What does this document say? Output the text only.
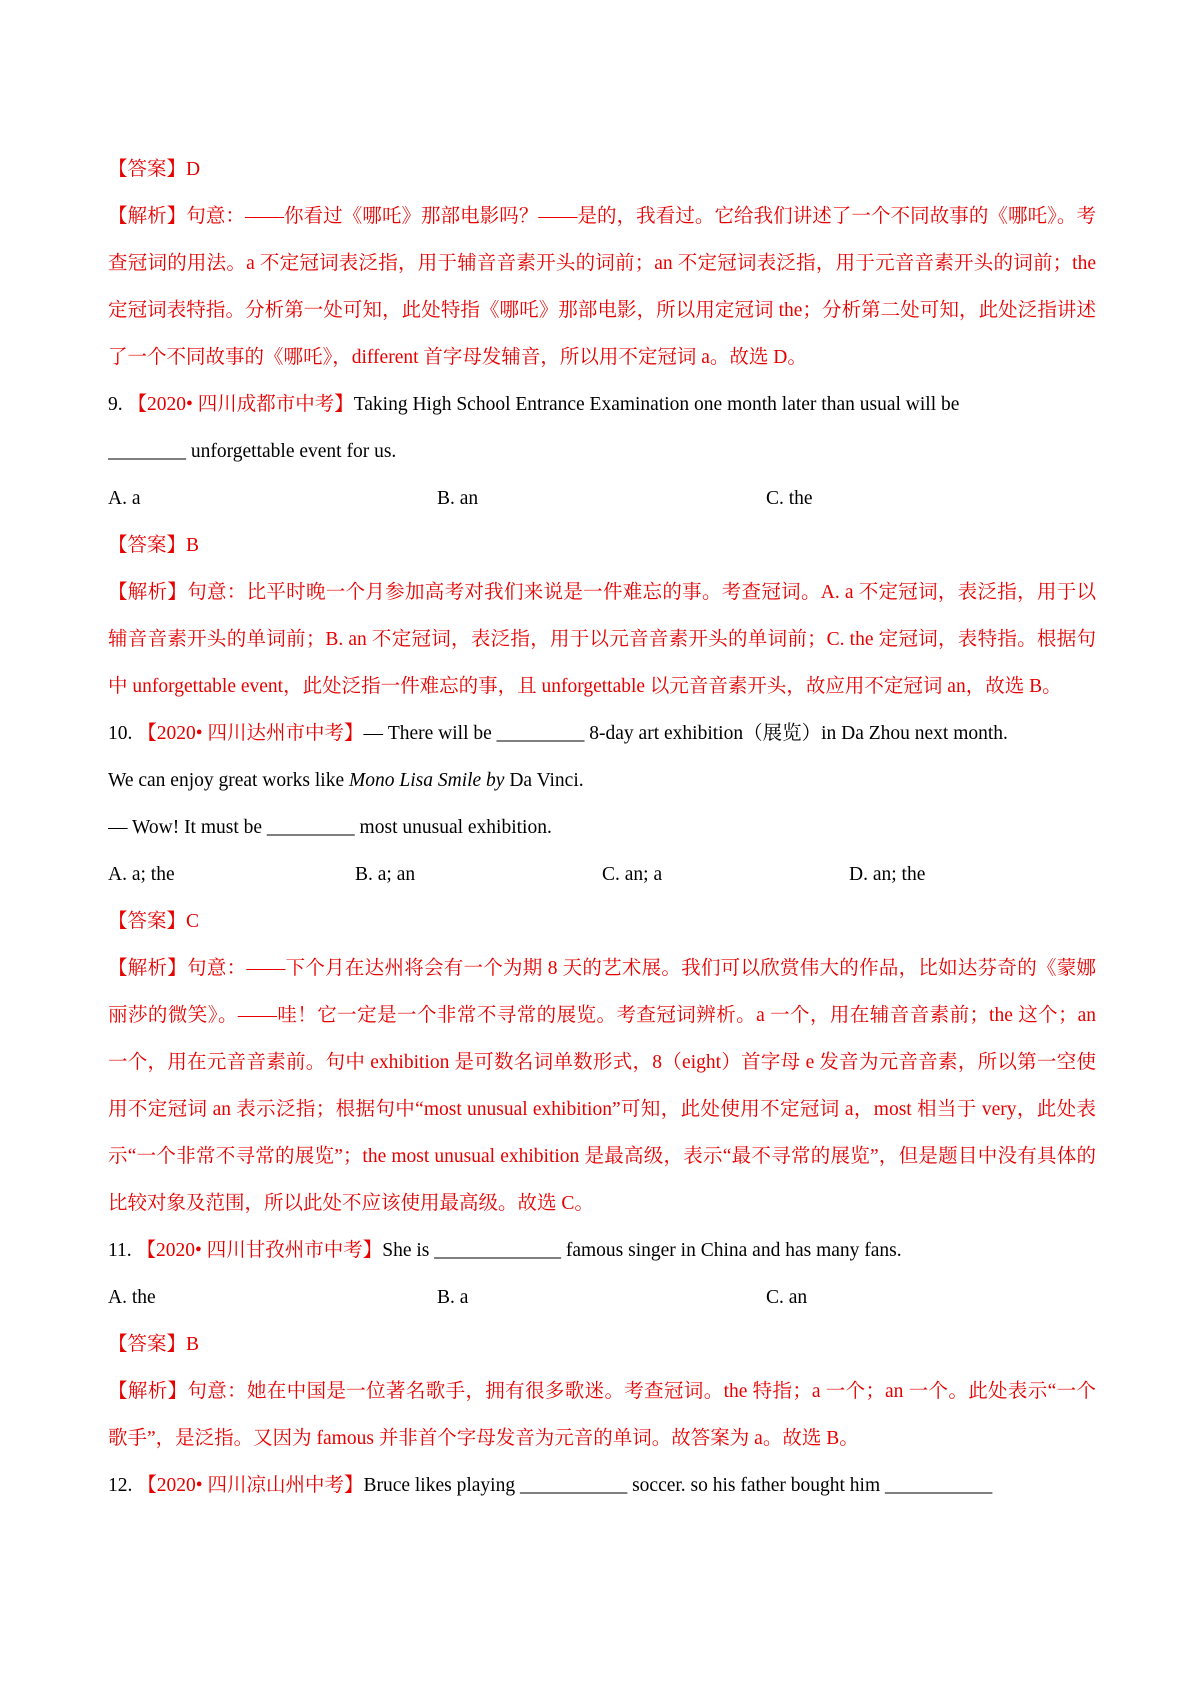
【答案】D

【解析】句意：——你看过《哪吒》那部电影吗？——是的，我看过。它给我们讲述了一个不同故事的《哪吒》。考查冠词的用法。a 不定冠词表泛指，用于辅音音素开头的词前；an 不定冠词表泛指，用于元音音素开头的词前；the 定冠词表特指。分析第一处可知，此处特指《哪吒》那部电影，所以用定冠词 the；分析第二处可知，此处泛指讲述了一个不同故事的《哪吒》，different 首字母发辅音，所以用不定冠词 a。故选 D。

9. 【2020• 四川成都市中考】Taking High School Entrance Examination one month later than usual will be
________ unforgettable event for us.
A. a	B. an	C. the
【答案】B

【解析】句意：比平时晚一个月参加高考对我们来说是一件难忘的事。考查冠词。A. a 不定冠词，表泛指，用于以辅音音素开头的单词前；B. an 不定冠词，表泛指，用于以元音音素开头的单词前；C. the 定冠词，表特指。根据句中 unforgettable event，此处泛指一件难忘的事，且 unforgettable 以元音音素开头，故应用不定冠词 an，故选 B。

10. 【2020• 四川达州市中考】— There will be _________ 8-day art exhibition（展览）in Da Zhou next month.
We can enjoy great works like Mono Lisa Smile by Da Vinci.
— Wow! It must be _________ most unusual exhibition.
A. a; the	B. a; an	C. an; a	D. an; the
【答案】C

【解析】句意：——下个月在达州将会有一个为期 8 天的艺术展。我们可以欣赏伟大的作品，比如达芬奇的《蒙娜丽莎的微笑》。——哇！它一定是一个非常不寻常的展览。考查冠词辨析。a 一个，用在辅音音素前；the 这个；an 一个，用在元音音素前。句中 exhibition 是可数名词单数形式，8（eight）首字母 e 发音为元音音素，所以第一空使用不定冠词 an 表示泛指；根据句中“most unusual exhibition”可知，此处使用不定冠词 a，most 相当于 very，此处表示“一个非常不寻常的展览”；the most unusual exhibition 是最高级，表示“最不寻常的展览”，但是题目中没有具体的比较对象及范围，所以此处不应该使用最高级。故选 C。

11. 【2020• 四川甘孜州市中考】She is _____________ famous singer in China and has many fans.
A. the	B. a	C. an
【答案】B

【解析】句意：她在中国是一位著名歌手，拥有很多歌迷。考查冠词。the 特指；a 一个；an 一个。此处表示“一个歌手”，是泛指。又因为 famous 并非首个字母发音为元音的单词。故答案为 a。故选 B。

12. 【2020• 四川凉山州中考】Bruce likes playing ___________ soccer. so his father bought him ___________
